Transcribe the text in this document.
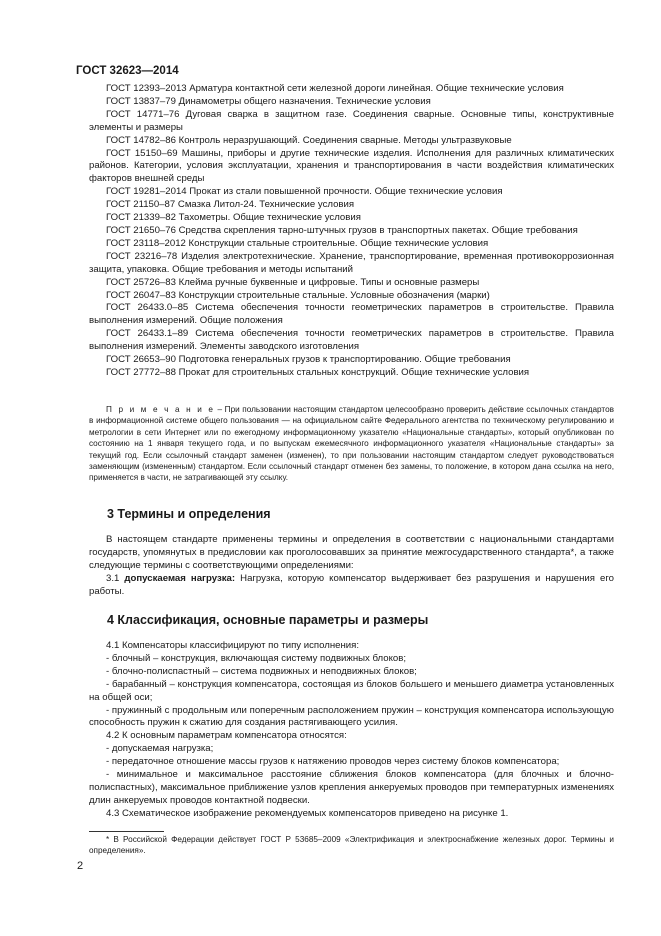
ГОСТ 32623—2014

ГОСТ 12393–2013 Арматура контактной сети железной дороги линейная. Общие технические условия

ГОСТ 13837–79 Динамометры общего назначения. Технические условия

ГОСТ 14771–76 Дуговая сварка в защитном газе. Соединения сварные. Основные типы, конструктивные элементы и размеры

ГОСТ 14782–86 Контроль неразрушающий. Соединения сварные. Методы ультразвуковые

ГОСТ 15150–69 Машины, приборы и другие технические изделия. Исполнения для различных климатических районов. Категории, условия эксплуатации, хранения и транспортирования в части воздействия климатических факторов внешней среды

ГОСТ 19281–2014 Прокат из стали повышенной прочности. Общие технические условия

ГОСТ 21150–87 Смазка Литол-24. Технические условия

ГОСТ 21339–82 Тахометры. Общие технические условия

ГОСТ 21650–76 Средства скрепления тарно-штучных грузов в транспортных пакетах. Общие требования

ГОСТ 23118–2012 Конструкции стальные строительные. Общие технические условия

ГОСТ 23216–78 Изделия электротехнические. Хранение, транспортирование, временная противокоррозионная защита, упаковка. Общие требования и методы испытаний

ГОСТ 25726–83 Клейма ручные буквенные и цифровые. Типы и основные размеры

ГОСТ 26047–83 Конструкции строительные стальные. Условные обозначения (марки)

ГОСТ 26433.0–85 Система обеспечения точности геометрических параметров в строительстве. Правила выполнения измерений. Общие положения

ГОСТ 26433.1–89 Система обеспечения точности геометрических параметров в строительстве. Правила выполнения измерений. Элементы заводского изготовления

ГОСТ 26653–90 Подготовка генеральных грузов к транспортированию. Общие требования

ГОСТ 27772–88 Прокат для строительных стальных конструкций. Общие технические условия

П р и м е ч а н и е – При пользовании настоящим стандартом целесообразно проверить действие ссылочных стандартов в информационной системе общего пользования — на официальном сайте Федерального агентства по техническому регулированию и метрологии в сети Интернет или по ежегодному информационному указателю «Национальные стандарты», который опубликован по состоянию на 1 января текущего года, и по выпускам ежемесячного информационного указателя «Национальные стандарты» за текущий год. Если ссылочный стандарт заменен (изменен), то при пользовании настоящим стандартом следует руководствоваться заменяющим (измененным) стандартом. Если ссылочный стандарт отменен без замены, то положение, в котором дана ссылка на него, применяется в части, не затрагивающей эту ссылку.

3 Термины и определения

В настоящем стандарте применены термины и определения в соответствии с национальными стандартами государств, упомянутых в предисловии как проголосовавших за принятие межгосударственного стандарта*, а также следующие термины с соответствующими определениями:

3.1 допускаемая нагрузка: Нагрузка, которую компенсатор выдерживает без разрушения и нарушения его работы.

4 Классификация, основные параметры и размеры

4.1 Компенсаторы классифицируют по типу исполнения:

- блочный – конструкция, включающая систему подвижных блоков;

- блочно-полиспастный – система подвижных и неподвижных блоков;

- барабанный – конструкция компенсатора, состоящая из блоков большего и меньшего диаметра установленных на общей оси;

- пружинный с продольным или поперечным расположением пружин – конструкция компенсатора использующую способность пружин к сжатию для создания растягивающего усилия.

4.2 К основным параметрам компенсатора относятся:

- допускаемая нагрузка;

- передаточное отношение массы грузов к натяжению проводов через систему блоков компенсатора;

- минимальное и максимальное расстояние сближения блоков компенсатора (для блочных и блочно-полиспастных), максимальное приближение узлов крепления анкеруемых проводов при температурных изменениях длин анкеруемых проводов контактной подвески.

4.3 Схематическое изображение рекомендуемых компенсаторов приведено на рисунке 1.

* В Российской Федерации действует ГОСТ Р 53685–2009 «Электрификация и электроснабжение железных дорог. Термины и определения».

2
